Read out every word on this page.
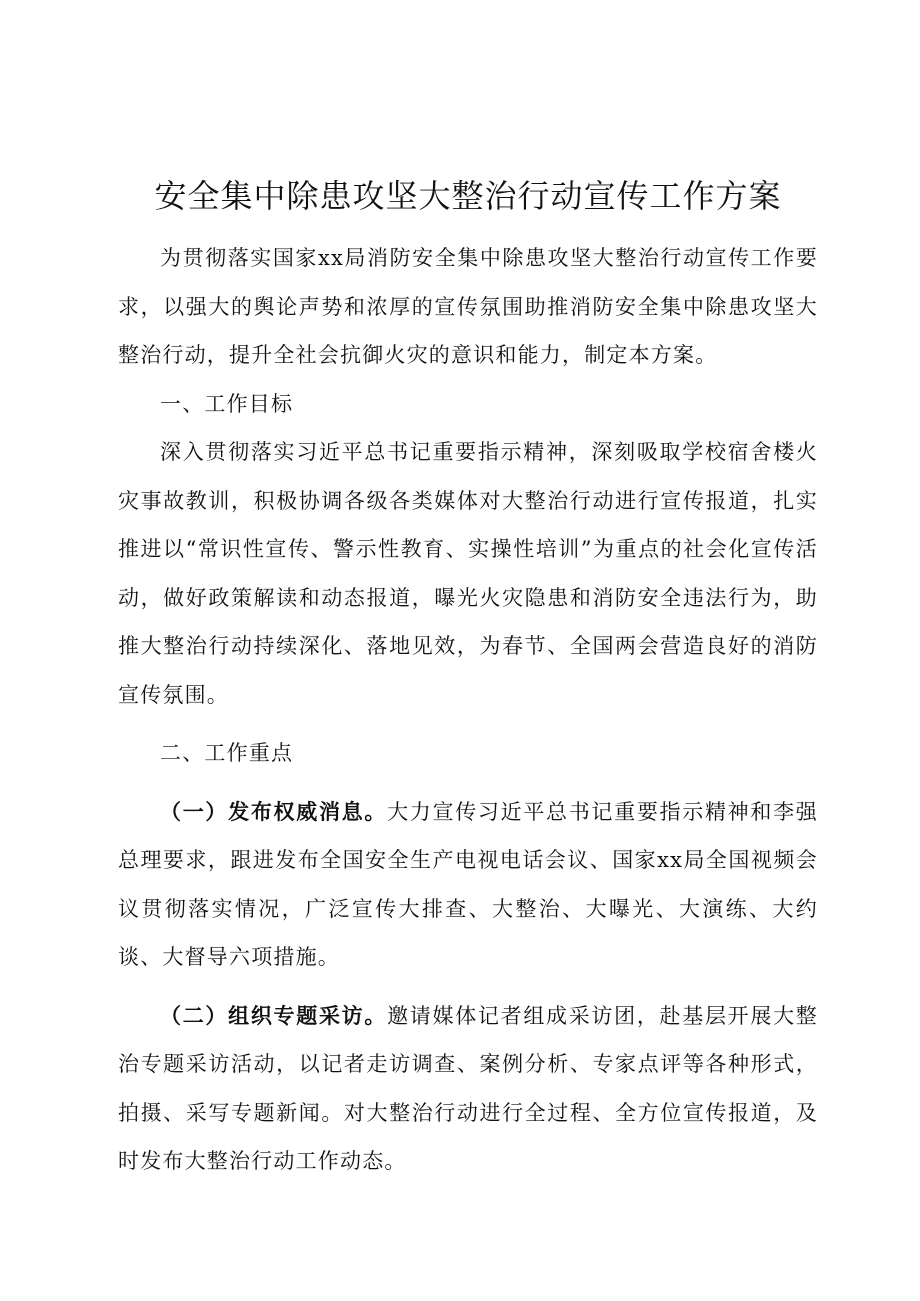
安全集中除患攻坚大整治行动宣传工作方案

为贯彻落实国家xx局消防安全集中除患攻坚大整治行动宣传工作要求，以强大的舆论声势和浓厚的宣传氛围助推消防安全集中除患攻坚大整治行动，提升全社会抗御火灾的意识和能力，制定本方案。

一、工作目标

深入贯彻落实习近平总书记重要指示精神，深刻吸取学校宿舍楼火灾事故教训，积极协调各级各类媒体对大整治行动进行宣传报道，扎实推进以“常识性宣传、警示性教育、实操性培训”为重点的社会化宣传活动，做好政策解读和动态报道，曝光火灾隐患和消防安全违法行为，助推大整治行动持续深化、落地见效，为春节、全国两会营造良好的消防宣传氛围。

二、工作重点

（一）发布权威消息。大力宣传习近平总书记重要指示精神和李强总理要求，跟进发布全国安全生产电视电话会议、国家xx局全国视频会议贯彻落实情况，广泛宣传大排查、大整治、大曝光、大演练、大约谈、大督导六项措施。

（二）组织专题采访。邀请媒体记者组成采访团，赴基层开展大整治专题采访活动，以记者走访调查、案例分析、专家点评等各种形式，拍摄、采写专题新闻。对大整治行动进行全过程、全方位宣传报道，及时发布大整治行动工作动态。
